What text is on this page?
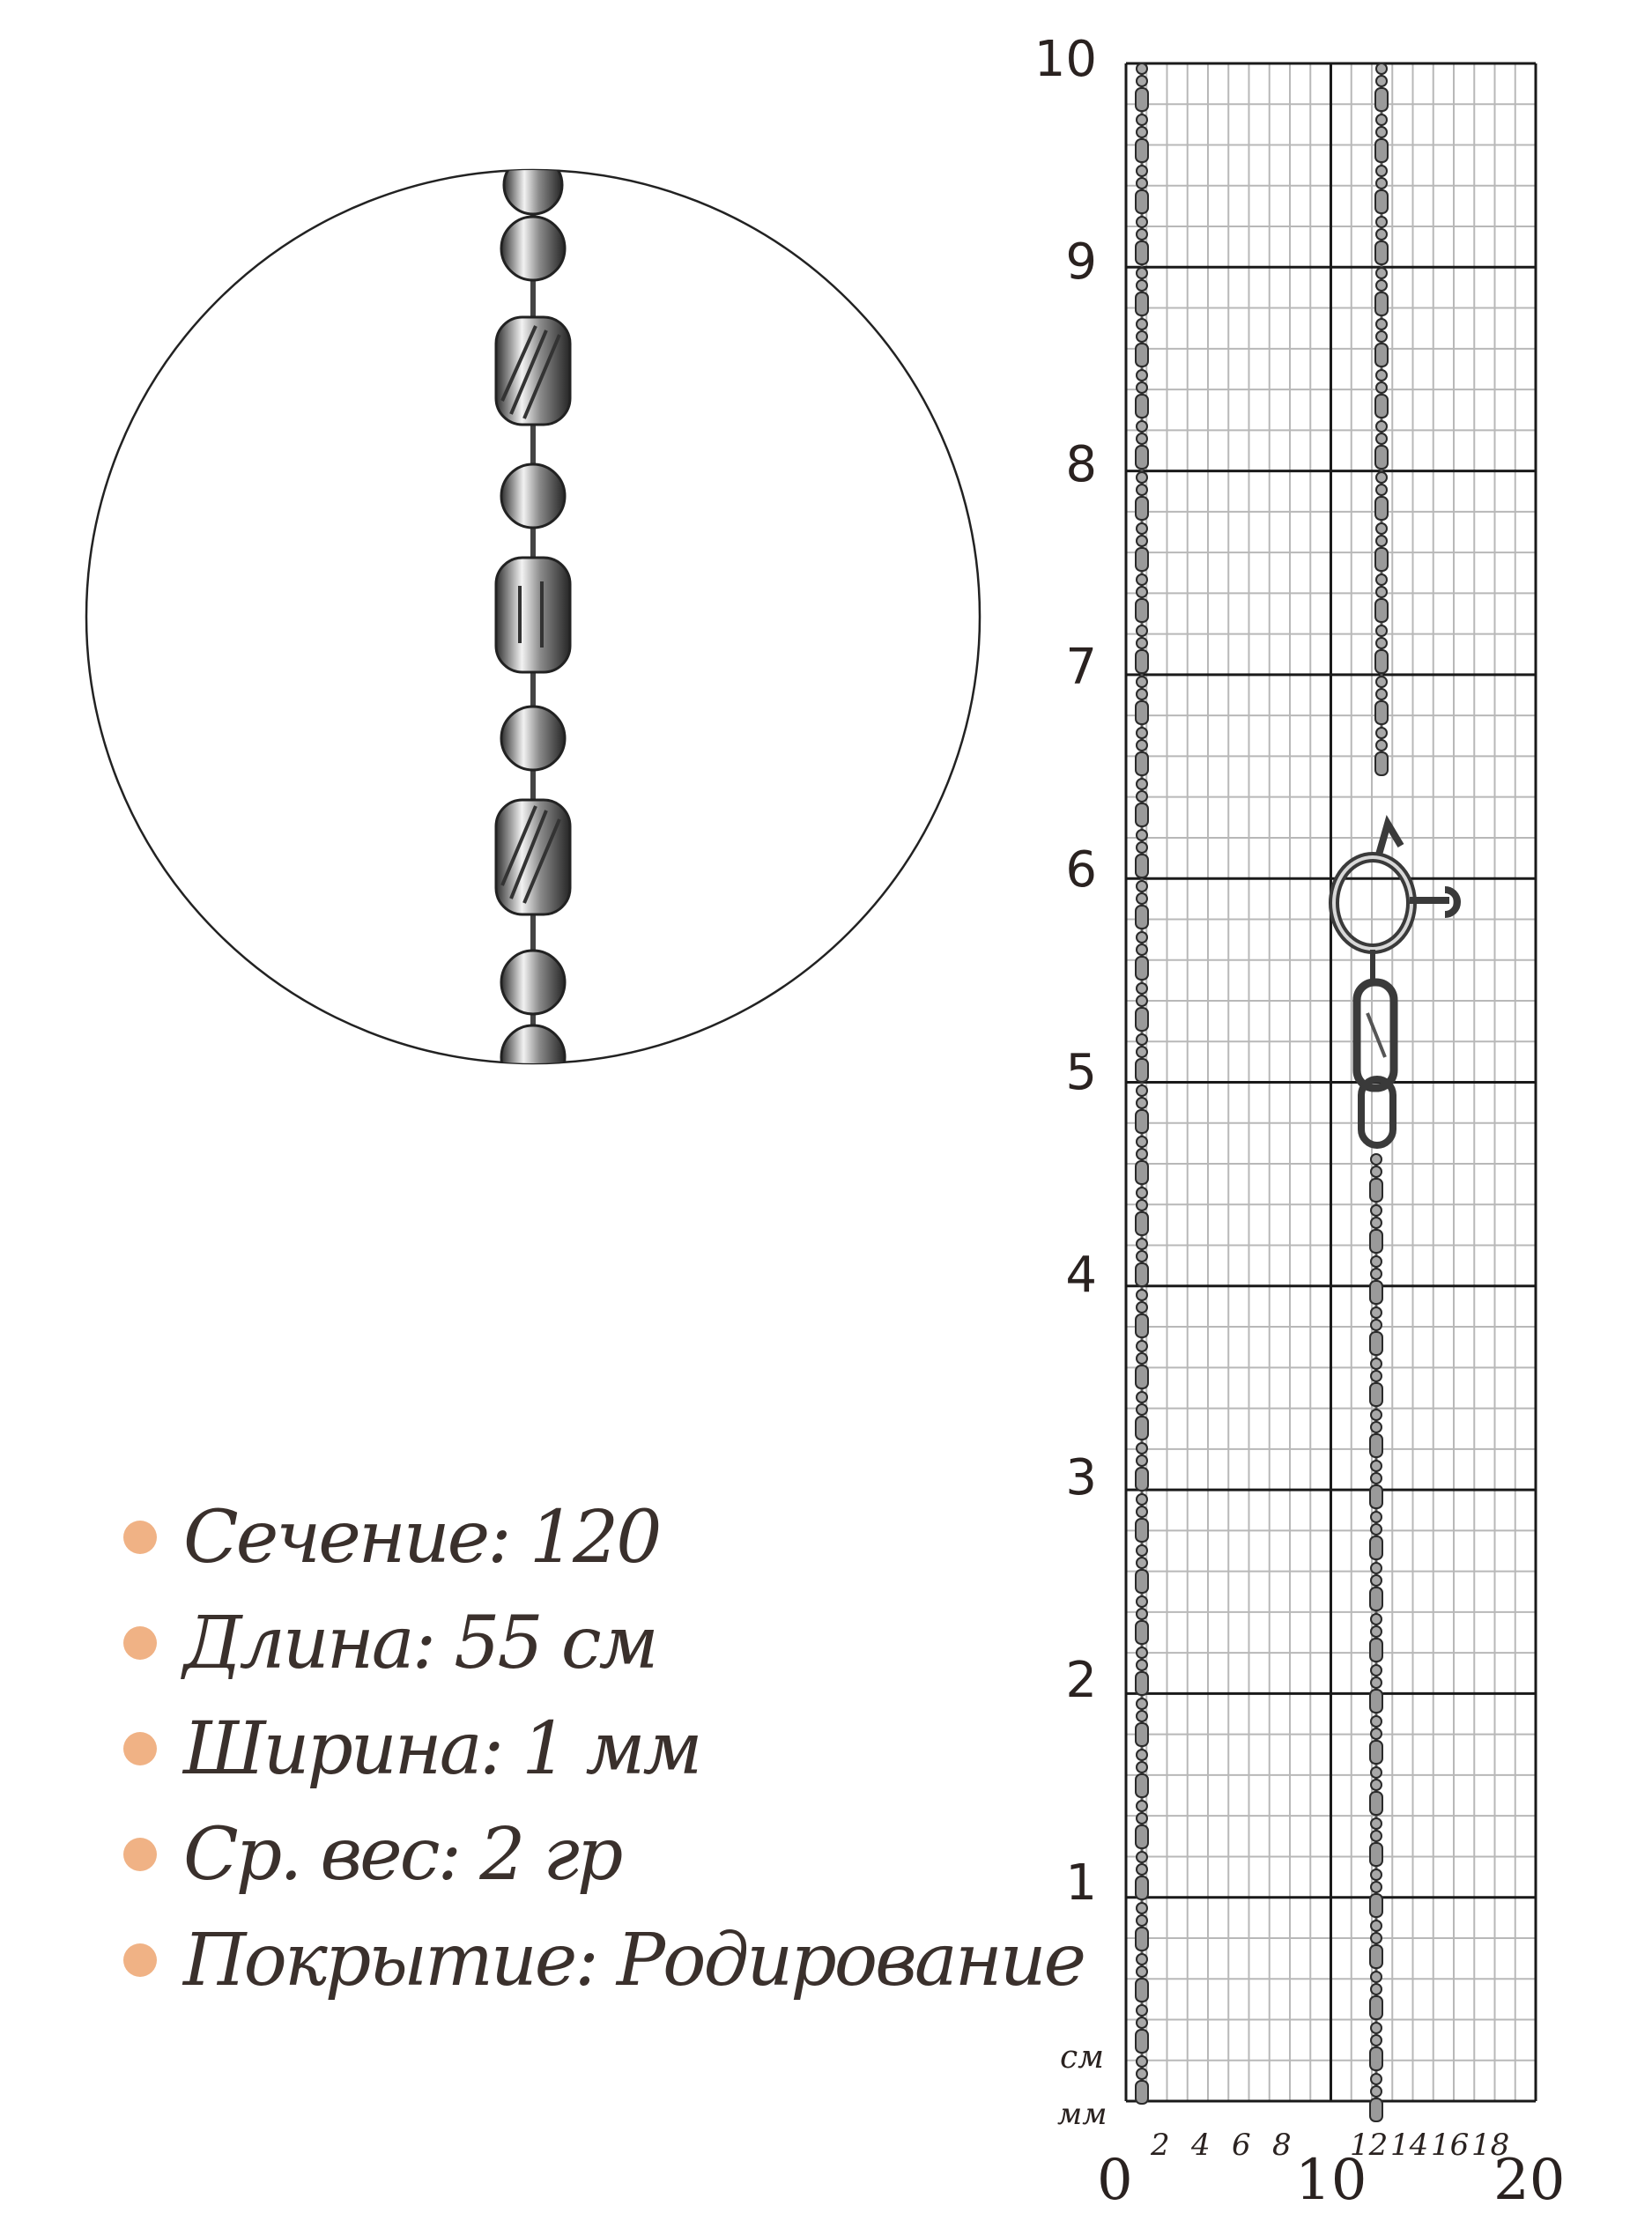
10
9
8
7
6
5
4
3
2
1
см
мм
2 4 6 8 12 14 16 18
0	10 20
Сечение: 120
Длина: 55 см
Ширина: 1 мм
Ср. вес: 2 гр
Покрытие: Родирование
